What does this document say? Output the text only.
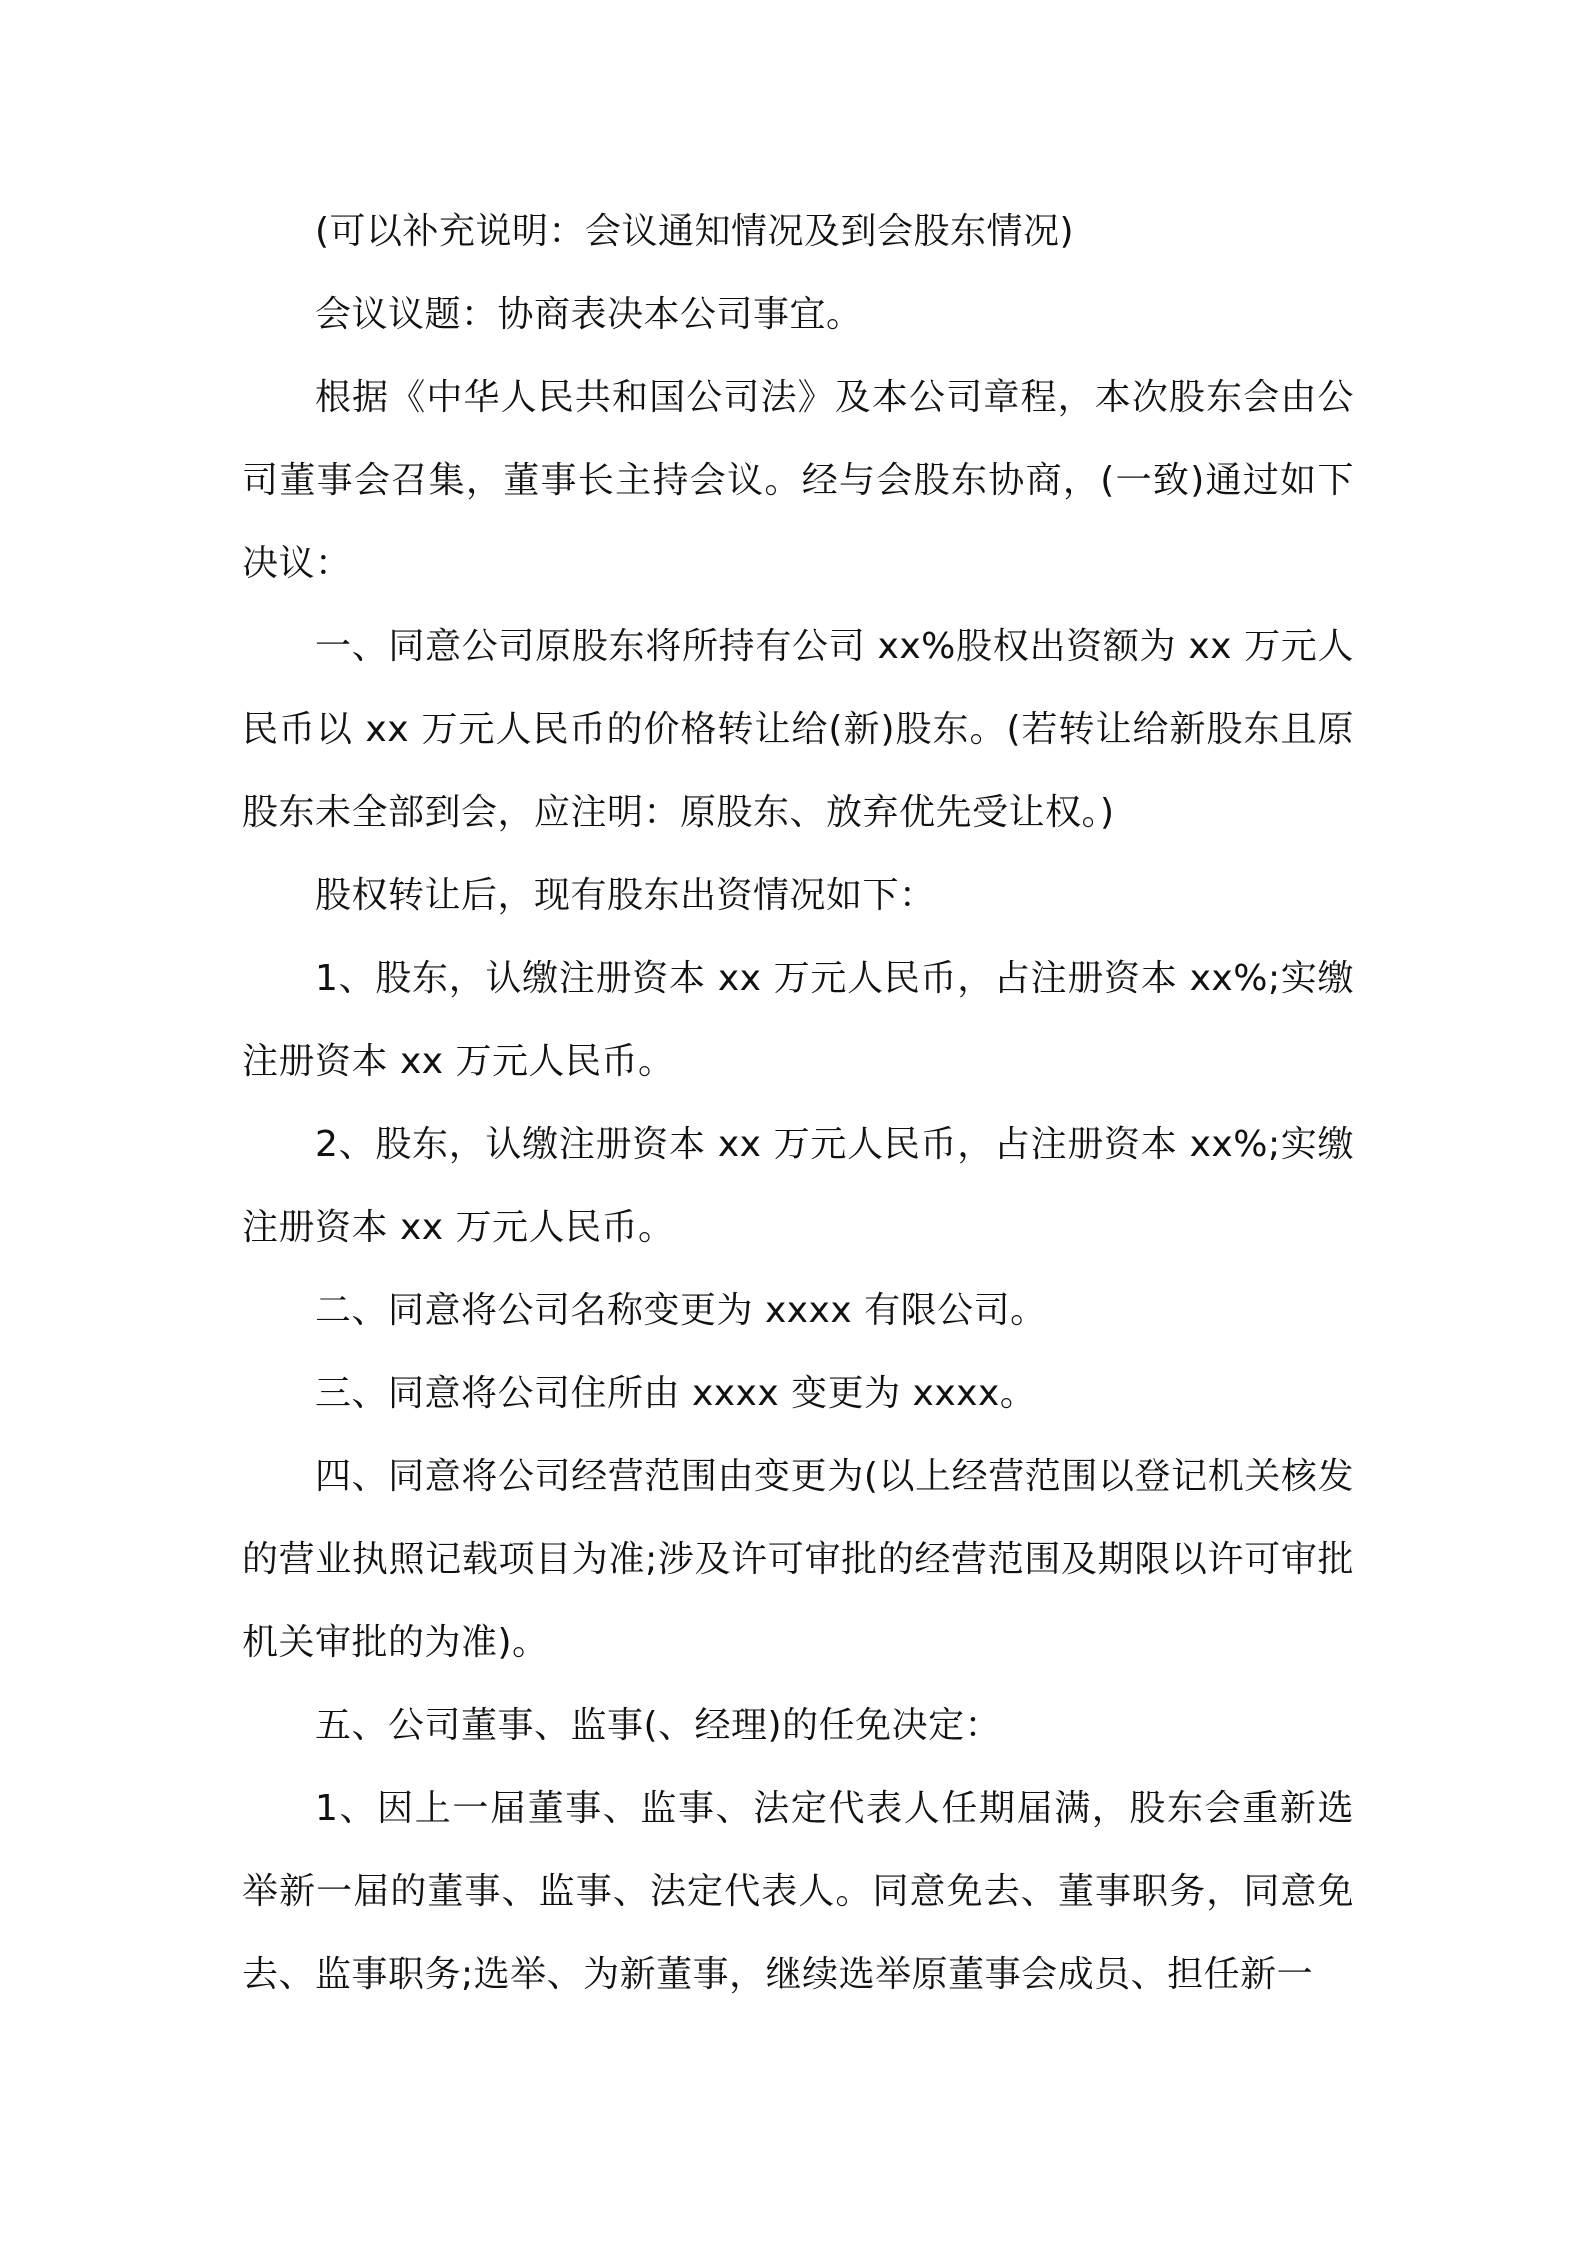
(可以补充说明：会议通知情况及到会股东情况)

会议议题：协商表决本公司事宜。

根据《中华人民共和国公司法》及本公司章程，本次股东会由公司董事会召集，董事长主持会议。经与会股东协商，(一致)通过如下决议：

一、同意公司原股东将所持有公司 xx%股权出资额为 xx 万元人民币以 xx 万元人民币的价格转让给(新)股东。(若转让给新股东且原股东未全部到会，应注明：原股东、放弃优先受让权。)

股权转让后，现有股东出资情况如下：

1、股东，认缴注册资本 xx 万元人民币，占注册资本 xx%;实缴注册资本 xx 万元人民币。

2、股东，认缴注册资本 xx 万元人民币，占注册资本 xx%;实缴注册资本 xx 万元人民币。

二、同意将公司名称变更为 xxxx 有限公司。

三、同意将公司住所由 xxxx 变更为 xxxx。

四、同意将公司经营范围由变更为(以上经营范围以登记机关核发的营业执照记载项目为准;涉及许可审批的经营范围及期限以许可审批机关审批的为准)。

五、公司董事、监事(、经理)的任免决定：

1、因上一届董事、监事、法定代表人任期届满，股东会重新选举新一届的董事、监事、法定代表人。同意免去、董事职务，同意免去、监事职务;选举、为新董事，继续选举原董事会成员、担任新一
